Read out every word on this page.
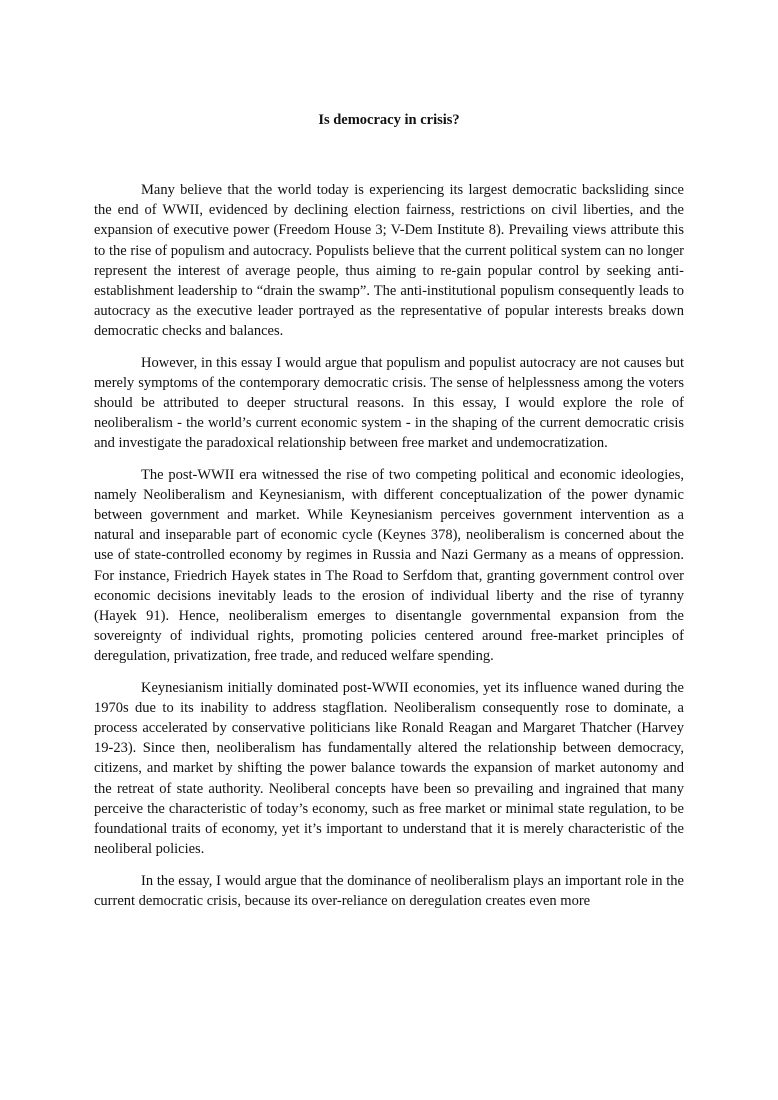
Is democracy in crisis?

Many believe that the world today is experiencing its largest democratic backsliding since the end of WWII, evidenced by declining election fairness, restrictions on civil liberties, and the expansion of executive power (Freedom House 3; V-Dem Institute 8). Prevailing views attribute this to the rise of populism and autocracy. Populists believe that the current political system can no longer represent the interest of average people, thus aiming to re-gain popular control by seeking anti-establishment leadership to “drain the swamp”. The anti-institutional populism consequently leads to autocracy as the executive leader portrayed as the representative of popular interests breaks down democratic checks and balances.

However, in this essay I would argue that populism and populist autocracy are not causes but merely symptoms of the contemporary democratic crisis. The sense of helplessness among the voters should be attributed to deeper structural reasons. In this essay, I would explore the role of neoliberalism - the world’s current economic system - in the shaping of the current democratic crisis and investigate the paradoxical relationship between free market and undemocratization.

The post-WWII era witnessed the rise of two competing political and economic ideologies, namely Neoliberalism and Keynesianism, with different conceptualization of the power dynamic between government and market. While Keynesianism perceives government intervention as a natural and inseparable part of economic cycle (Keynes 378), neoliberalism is concerned about the use of state-controlled economy by regimes in Russia and Nazi Germany as a means of oppression. For instance, Friedrich Hayek states in The Road to Serfdom that, granting government control over economic decisions inevitably leads to the erosion of individual liberty and the rise of tyranny (Hayek 91). Hence, neoliberalism emerges to disentangle governmental expansion from the sovereignty of individual rights, promoting policies centered around free-market principles of deregulation, privatization, free trade, and reduced welfare spending.

Keynesianism initially dominated post-WWII economies, yet its influence waned during the 1970s due to its inability to address stagflation. Neoliberalism consequently rose to dominate, a process accelerated by conservative politicians like Ronald Reagan and Margaret Thatcher (Harvey 19-23). Since then, neoliberalism has fundamentally altered the relationship between democracy, citizens, and market by shifting the power balance towards the expansion of market autonomy and the retreat of state authority. Neoliberal concepts have been so prevailing and ingrained that many perceive the characteristic of today’s economy, such as free market or minimal state regulation, to be foundational traits of economy, yet it’s important to understand that it is merely characteristic of the neoliberal policies.

In the essay, I would argue that the dominance of neoliberalism plays an important role in the current democratic crisis, because its over-reliance on deregulation creates even more
